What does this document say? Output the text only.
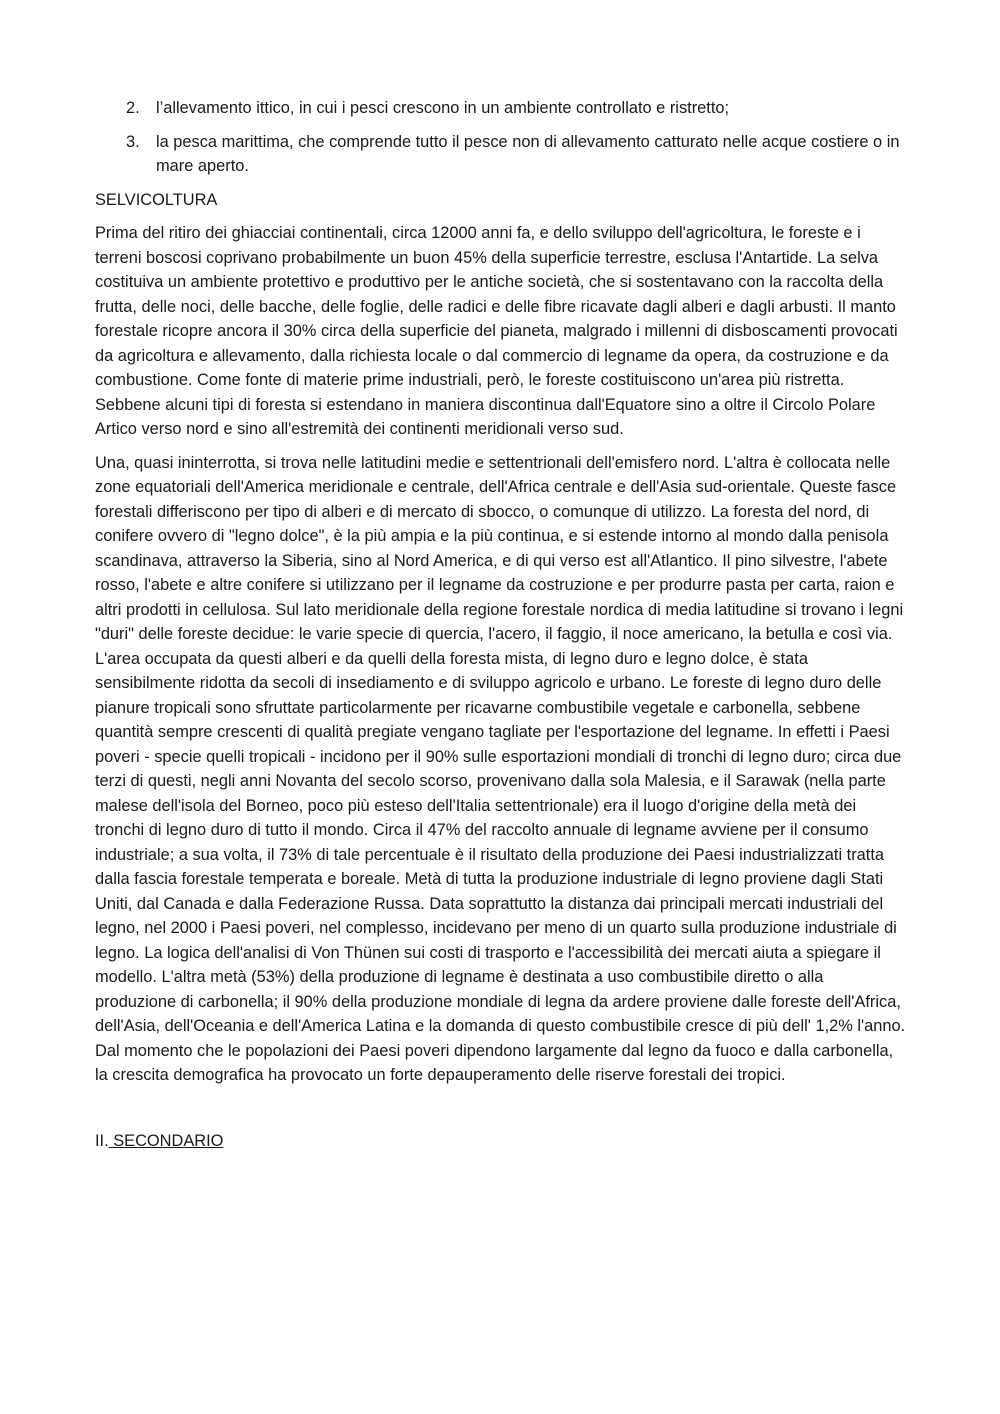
2. l’allevamento ittico, in cui i pesci crescono in un ambiente controllato e ristretto;
3. la pesca marittima, che comprende tutto il pesce non di allevamento catturato nelle acque costiere o in mare aperto.
SELVICOLTURA

Prima del ritiro dei ghiacciai continentali, circa 12000 anni fa, e dello sviluppo dell'agricoltura, le foreste e i terreni boscosi coprivano probabilmente un buon 45% della superficie terrestre, esclusa l'Antartide. La selva costituiva un ambiente protettivo e produttivo per le antiche società, che si sostentavano con la raccolta della frutta, delle noci, delle bacche, delle foglie, delle radici e delle fibre ricavate dagli alberi e dagli arbusti. Il manto forestale ricopre ancora il 30% circa della superficie del pianeta, malgrado i millenni di disboscamenti provocati da agricoltura e allevamento, dalla richiesta locale o dal commercio di legname da opera, da costruzione e da combustione. Come fonte di materie prime industriali, però, le foreste costituiscono un'area più ristretta. Sebbene alcuni tipi di foresta si estendano in maniera discontinua dall'Equatore sino a oltre il Circolo Polare Artico verso nord e sino all'estremità dei continenti meridionali verso sud.

Una, quasi ininterrotta, si trova nelle latitudini medie e settentrionali dell'emisfero nord. L'altra è collocata nelle zone equatoriali dell'America meridionale e centrale, dell'Africa centrale e dell'Asia sud-orientale. Queste fasce forestali differiscono per tipo di alberi e di mercato di sbocco, o comunque di utilizzo. La foresta del nord, di conifere ovvero di "legno dolce", è la più ampia e la più continua, e si estende intorno al mondo dalla penisola scandinava, attraverso la Siberia, sino al Nord America, e di qui verso est all'Atlantico. Il pino silvestre, l'abete rosso, l'abete e altre conifere si utilizzano per il legname da costruzione e per produrre pasta per carta, raion e altri prodotti in cellulosa. Sul lato meridionale della regione forestale nordica di media latitudine si trovano i legni "duri" delle foreste decidue: le varie specie di quercia, l'acero, il faggio, il noce americano, la betulla e così via. L'area occupata da questi alberi e da quelli della foresta mista, di legno duro e legno dolce, è stata sensibilmente ridotta da secoli di insediamento e di sviluppo agricolo e urbano. Le foreste di legno duro delle pianure tropicali sono sfruttate particolarmente per ricavarne combustibile vegetale e carbonella, sebbene quantità sempre crescenti di qualità pregiate vengano tagliate per l'esportazione del legname. In effetti i Paesi poveri - specie quelli tropicali - incidono per il 90% sulle esportazioni mondiali di tronchi di legno duro; circa due terzi di questi, negli anni Novanta del secolo scorso, provenivano dalla sola Malesia, e il Sarawak (nella parte malese dell'isola del Borneo, poco più esteso dell'Italia settentrionale) era il luogo d'origine della metà dei tronchi di legno duro di tutto il mondo. Circa il 47% del raccolto annuale di legname avviene per il consumo industriale; a sua volta, il 73% di tale percentuale è il risultato della produzione dei Paesi industrializzati tratta dalla fascia forestale temperata e boreale. Metà di tutta la produzione industriale di legno proviene dagli Stati Uniti, dal Canada e dalla Federazione Russa. Data soprattutto la distanza dai principali mercati industriali del legno, nel 2000 i Paesi poveri, nel complesso, incidevano per meno di un quarto sulla produzione industriale di legno. La logica dell'analisi di Von Thünen sui costi di trasporto e l'accessibilità dei mercati aiuta a spiegare il modello. L'altra metà (53%) della produzione di legname è destinata a uso combustibile diretto o alla produzione di carbonella; il 90% della produzione mondiale di legna da ardere proviene dalle foreste dell'Africa, dell'Asia, dell'Oceania e dell'America Latina e la domanda di questo combustibile cresce di più dell' 1,2% l'anno. Dal momento che le popolazioni dei Paesi poveri dipendono largamente dal legno da fuoco e dalla carbonella, la crescita demografica ha provocato un forte depauperamento delle riserve forestali dei tropici.

II. SECONDARIO
